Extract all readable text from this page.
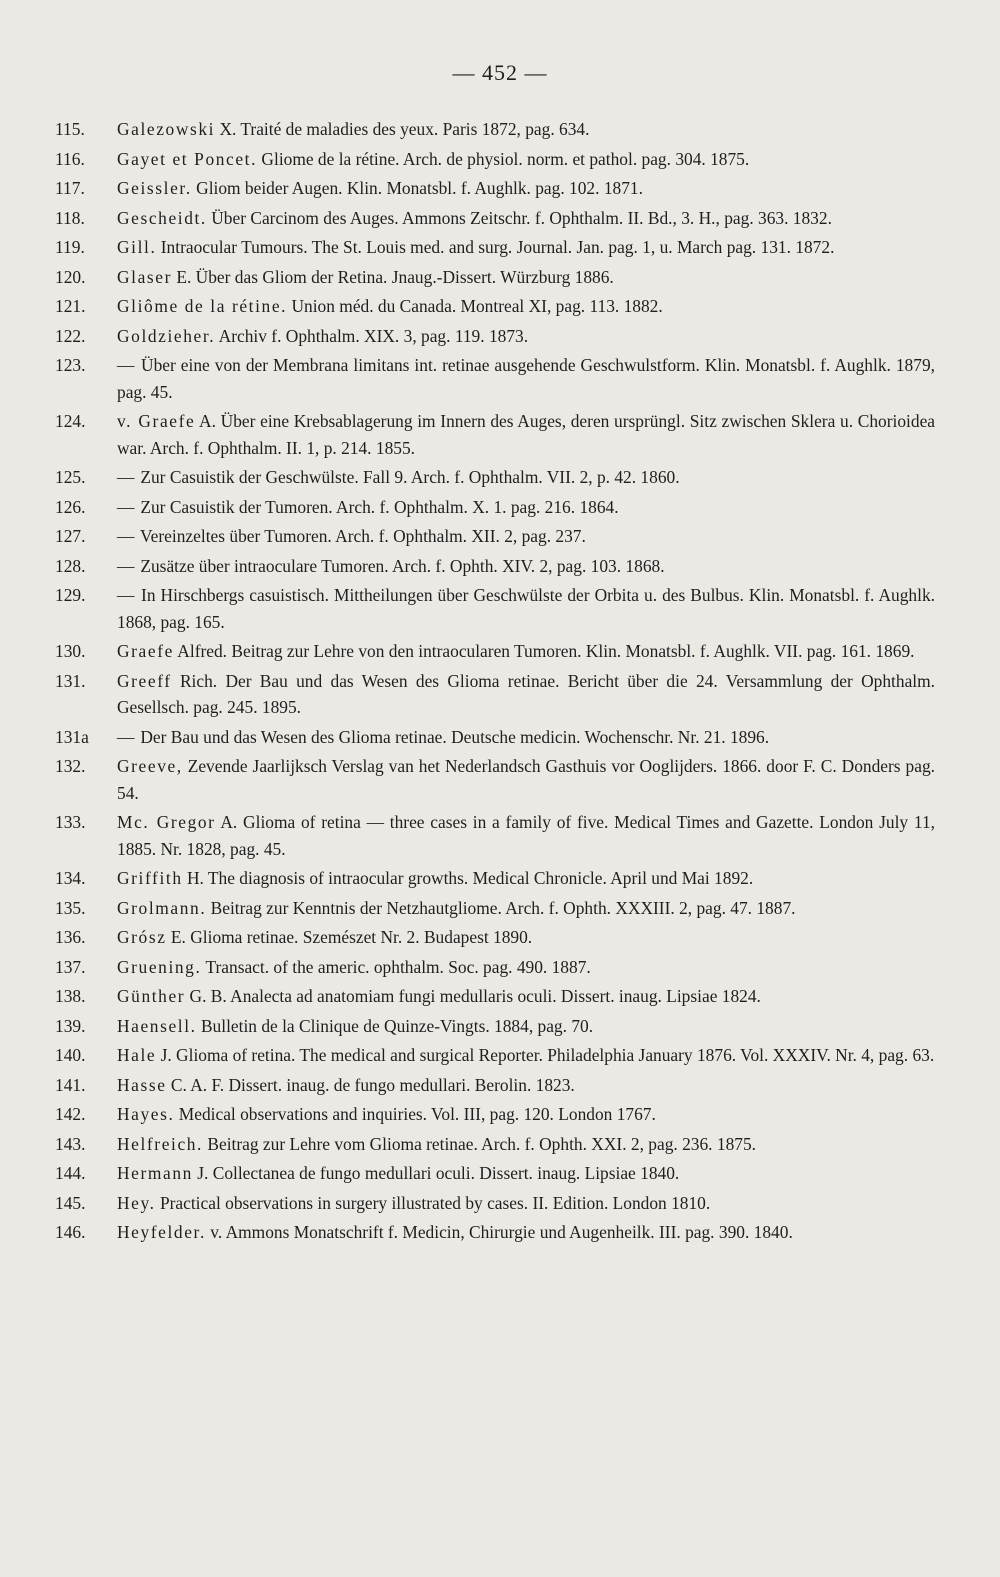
— 452 —
115.	Galezowski X. Traité de maladies des yeux. Paris 1872, pag. 634.
116.	Gayet et Poncet. Gliome de la rétine. Arch. de physiol. norm. et pathol. pag. 304. 1875.
117.	Geissler. Gliom beider Augen. Klin. Monatsbl. f. Aughlk. pag. 102. 1871.
118.	Gescheidt. Über Carcinom des Auges. Ammons Zeitschr. f. Ophthalm. II. Bd., 3. H., pag. 363. 1832.
119.	Gill. Intraocular Tumours. The St. Louis med. and surg. Journal. Jan. pag. 1, u. March pag. 131. 1872.
120.	Glaser E. Über das Gliom der Retina. Jnaug.-Dissert. Würzburg 1886.
121.	Gliôme de la rétine. Union méd. du Canada. Montreal XI, pag. 113. 1882.
122.	Goldzieher. Archiv f. Ophthalm. XIX. 3, pag. 119. 1873.
123.	— Über eine von der Membrana limitans int. retinae ausgehende Geschwulstform. Klin. Monatsbl. f. Aughlk. 1879, pag. 45.
124.	v. Graefe A. Über eine Krebsablagerung im Innern des Auges, deren ursprüngl. Sitz zwischen Sklera u. Chorioidea war. Arch. f. Ophthalm. II. 1, p. 214. 1855.
125.	— Zur Casuistik der Geschwülste. Fall 9. Arch. f. Ophthalm. VII. 2, p. 42. 1860.
126.	— Zur Casuistik der Tumoren. Arch. f. Ophthalm. X. 1. pag. 216. 1864.
127.	— Vereinzeltes über Tumoren. Arch. f. Ophthalm. XII. 2, pag. 237.
128.	— Zusätze über intraoculare Tumoren. Arch. f. Ophth. XIV. 2, pag. 103. 1868.
129.	— In Hirschbergs casuistisch. Mittheilungen über Geschwülste der Orbita u. des Bulbus. Klin. Monatsbl. f. Aughlk. 1868, pag. 165.
130.	Graefe Alfred. Beitrag zur Lehre von den intraocularen Tumoren. Klin. Monatsbl. f. Aughlk. VII. pag. 161. 1869.
131.	Greeff Rich. Der Bau und das Wesen des Glioma retinae. Bericht über die 24. Versammlung der Ophthalm. Gesellsch. pag. 245. 1895.
131a	— Der Bau und das Wesen des Glioma retinae. Deutsche medicin. Wochenschr. Nr. 21. 1896.
132.	Greeve, Zevende Jaarlijksch Verslag van het Nederlandsch Gasthuis vor Ooglijders. 1866. door F. C. Donders pag. 54.
133.	Mc. Gregor A. Glioma of retina — three cases in a family of five. Medical Times and Gazette. London July 11, 1885. Nr. 1828, pag. 45.
134.	Griffith H. The diagnosis of intraocular growths. Medical Chronicle. April und Mai 1892.
135.	Grolmann. Beitrag zur Kenntnis der Netzhautgliome. Arch. f. Ophth. XXXIII. 2, pag. 47. 1887.
136.	Grósz E. Glioma retinae. Szemészet Nr. 2. Budapest 1890.
137.	Gruening. Transact. of the americ. ophthalm. Soc. pag. 490. 1887.
138.	Günther G. B. Analecta ad anatomiam fungi medullaris oculi. Dissert. inaug. Lipsiae 1824.
139.	Haensell. Bulletin de la Clinique de Quinze-Vingts. 1884, pag. 70.
140.	Hale J. Glioma of retina. The medical and surgical Reporter. Philadelphia January 1876. Vol. XXXIV. Nr. 4, pag. 63.
141.	Hasse C. A. F. Dissert. inaug. de fungo medullari. Berolin. 1823.
142.	Hayes. Medical observations and inquiries. Vol. III, pag. 120. London 1767.
143.	Helfreich. Beitrag zur Lehre vom Glioma retinae. Arch. f. Ophth. XXI. 2, pag. 236. 1875.
144.	Hermann J. Collectanea de fungo medullari oculi. Dissert. inaug. Lipsiae 1840.
145.	Hey. Practical observations in surgery illustrated by cases. II. Edition. London 1810.
146.	Heyfelder. v. Ammons Monatschrift f. Medicin, Chirurgie und Augenheilk. III. pag. 390. 1840.
